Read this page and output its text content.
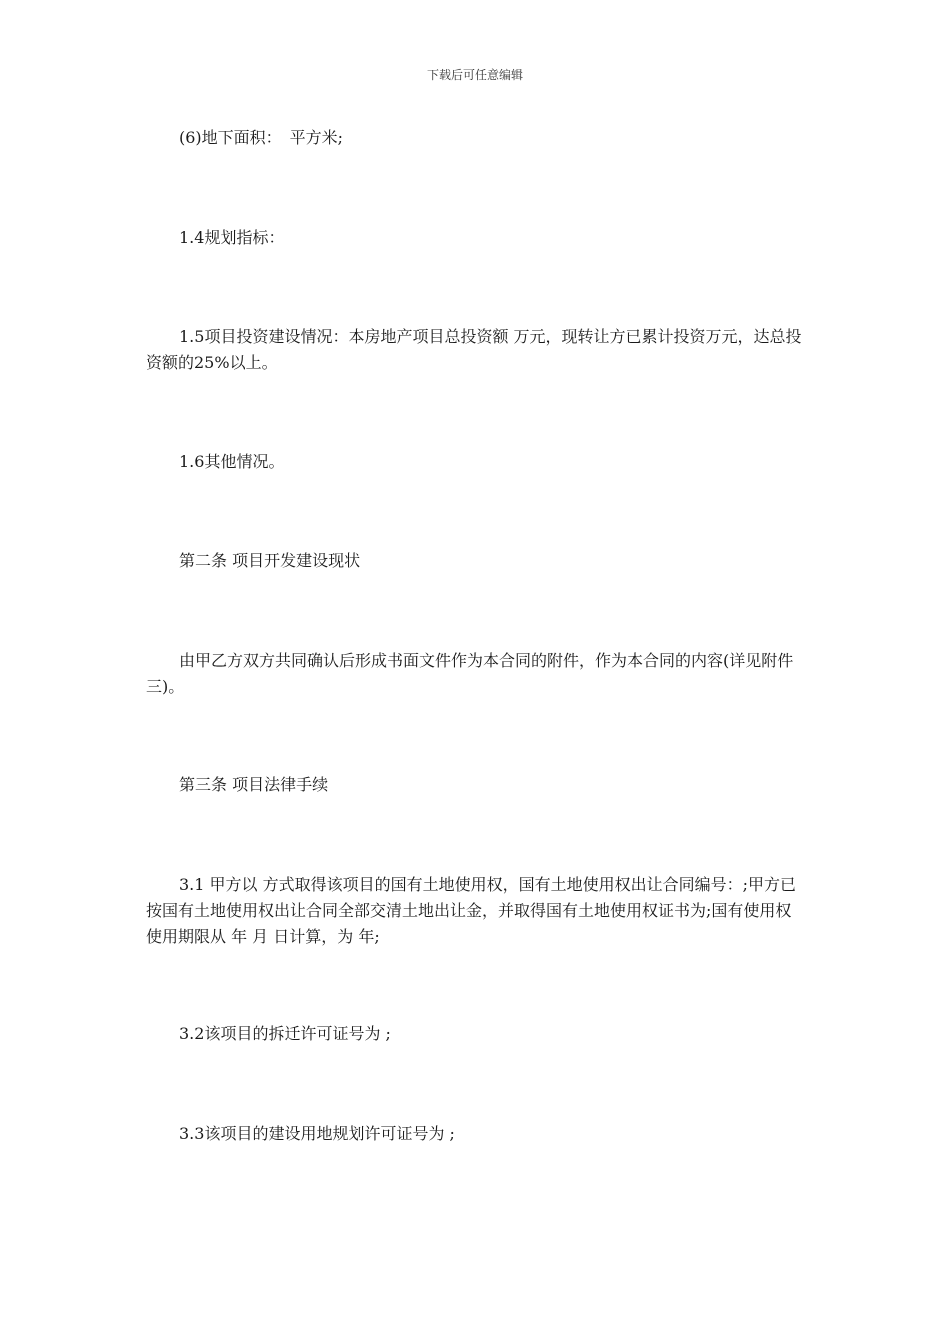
下载后可任意编辑

(6)地下面积：　平方米;

1.4规划指标：

1.5项目投资建设情况：本房地产项目总投资额 万元，现转让方已累计投资万元，达总投资额的25%以上。

1.6其他情况。

第二条 项目开发建设现状

由甲乙方双方共同确认后形成书面文件作为本合同的附件，作为本合同的内容(详见附件三)。

第三条 项目法律手续

3.1 甲方以 方式取得该项目的国有土地使用权，国有土地使用权出让合同编号：;甲方已按国有土地使用权出让合同全部交清土地出让金，并取得国有土地使用权证书为;国有使用权使用期限从 年 月 日计算，为 年;

3.2该项目的拆迁许可证号为 ;

3.3该项目的建设用地规划许可证号为 ;
